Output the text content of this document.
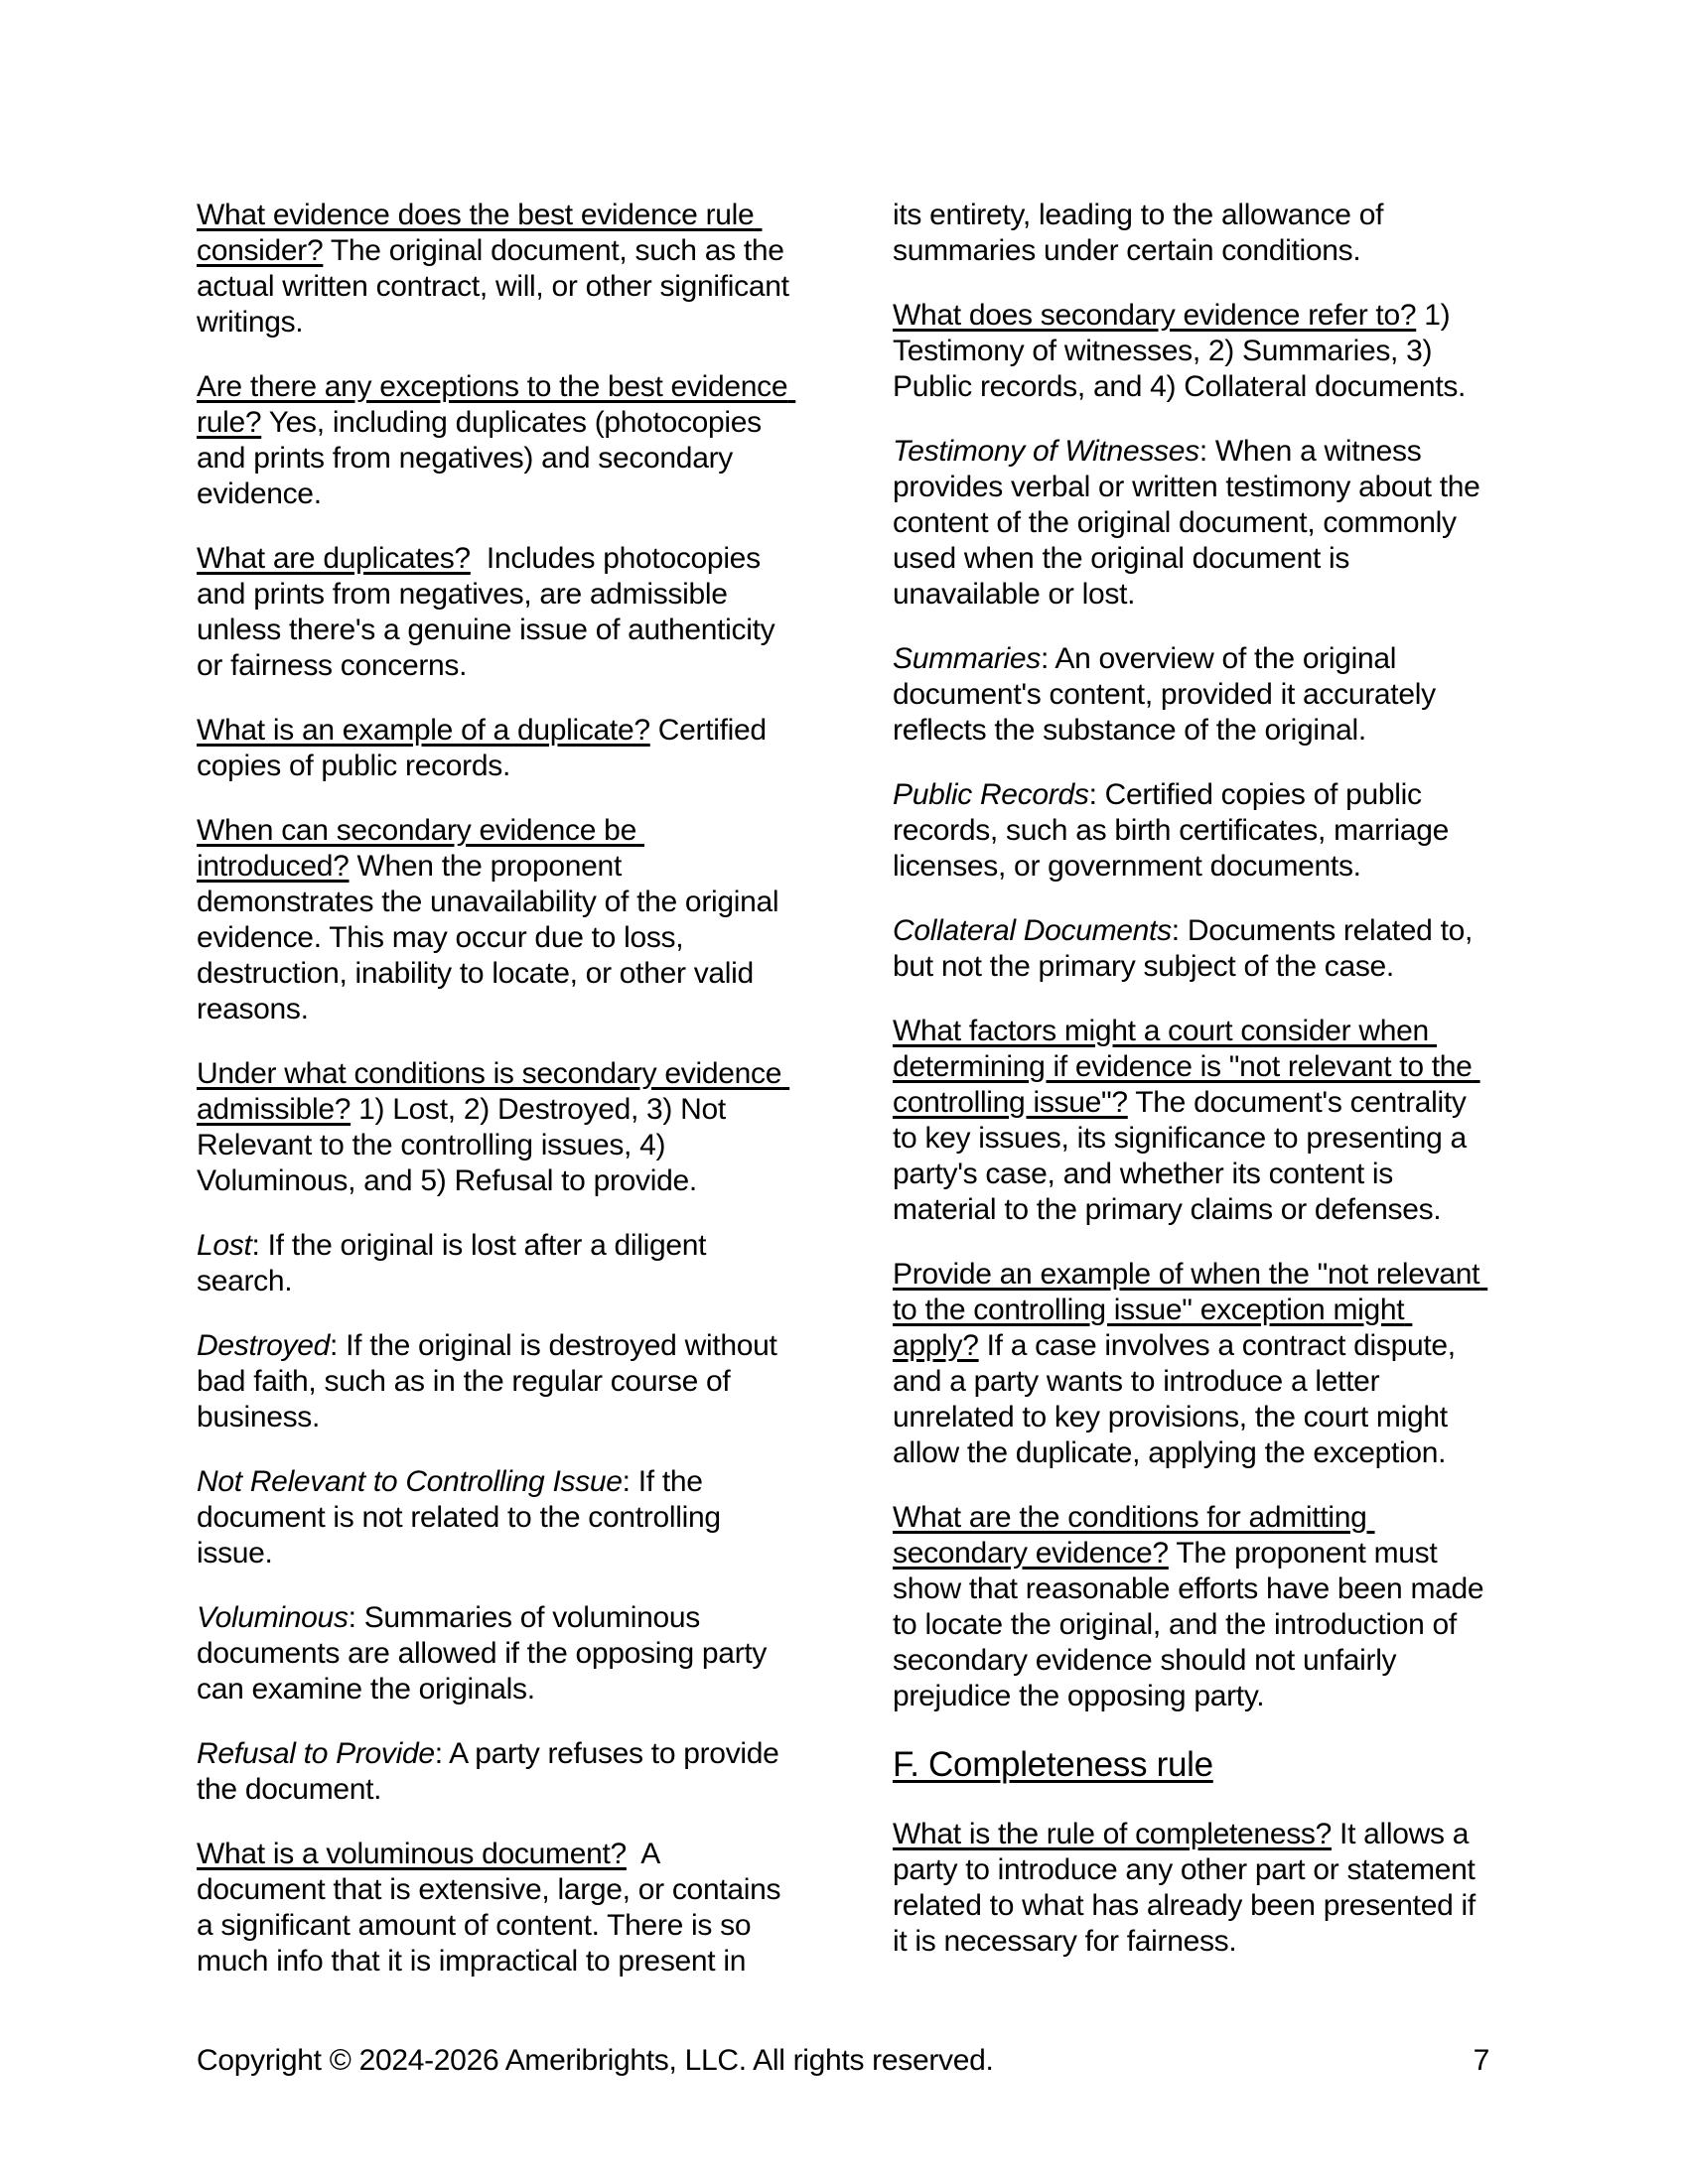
What evidence does the best evidence rule consider? The original document, such as the actual written contract, will, or other significant writings.

Are there any exceptions to the best evidence rule? Yes, including duplicates (photocopies and prints from negatives) and secondary evidence.

What are duplicates?  Includes photocopies and prints from negatives, are admissible unless there's a genuine issue of authenticity or fairness concerns.

What is an example of a duplicate? Certified copies of public records.

When can secondary evidence be introduced? When the proponent demonstrates the unavailability of the original evidence. This may occur due to loss, destruction, inability to locate, or other valid reasons.

Under what conditions is secondary evidence admissible? 1) Lost, 2) Destroyed, 3) Not Relevant to the controlling issues, 4) Voluminous, and 5) Refusal to provide.

Lost: If the original is lost after a diligent search.

Destroyed: If the original is destroyed without bad faith, such as in the regular course of business.

Not Relevant to Controlling Issue: If the document is not related to the controlling issue.

Voluminous: Summaries of voluminous documents are allowed if the opposing party can examine the originals.

Refusal to Provide: A party refuses to provide the document.

What is a voluminous document?  A document that is extensive, large, or contains a significant amount of content. There is so much info that it is impractical to present in

its entirety, leading to the allowance of summaries under certain conditions.

What does secondary evidence refer to? 1) Testimony of witnesses, 2) Summaries, 3) Public records, and 4) Collateral documents.

Testimony of Witnesses: When a witness provides verbal or written testimony about the content of the original document, commonly used when the original document is unavailable or lost.

Summaries: An overview of the original document's content, provided it accurately reflects the substance of the original.

Public Records: Certified copies of public records, such as birth certificates, marriage licenses, or government documents.

Collateral Documents: Documents related to, but not the primary subject of the case.

What factors might a court consider when determining if evidence is "not relevant to the controlling issue"? The document's centrality to key issues, its significance to presenting a party's case, and whether its content is material to the primary claims or defenses.

Provide an example of when the "not relevant to the controlling issue" exception might apply? If a case involves a contract dispute, and a party wants to introduce a letter unrelated to key provisions, the court might allow the duplicate, applying the exception.

What are the conditions for admitting secondary evidence? The proponent must show that reasonable efforts have been made to locate the original, and the introduction of secondary evidence should not unfairly prejudice the opposing party.

F. Completeness rule

What is the rule of completeness? It allows a party to introduce any other part or statement related to what has already been presented if it is necessary for fairness.

Copyright © 2024-2026 Ameribrights, LLC. All rights reserved.	7
